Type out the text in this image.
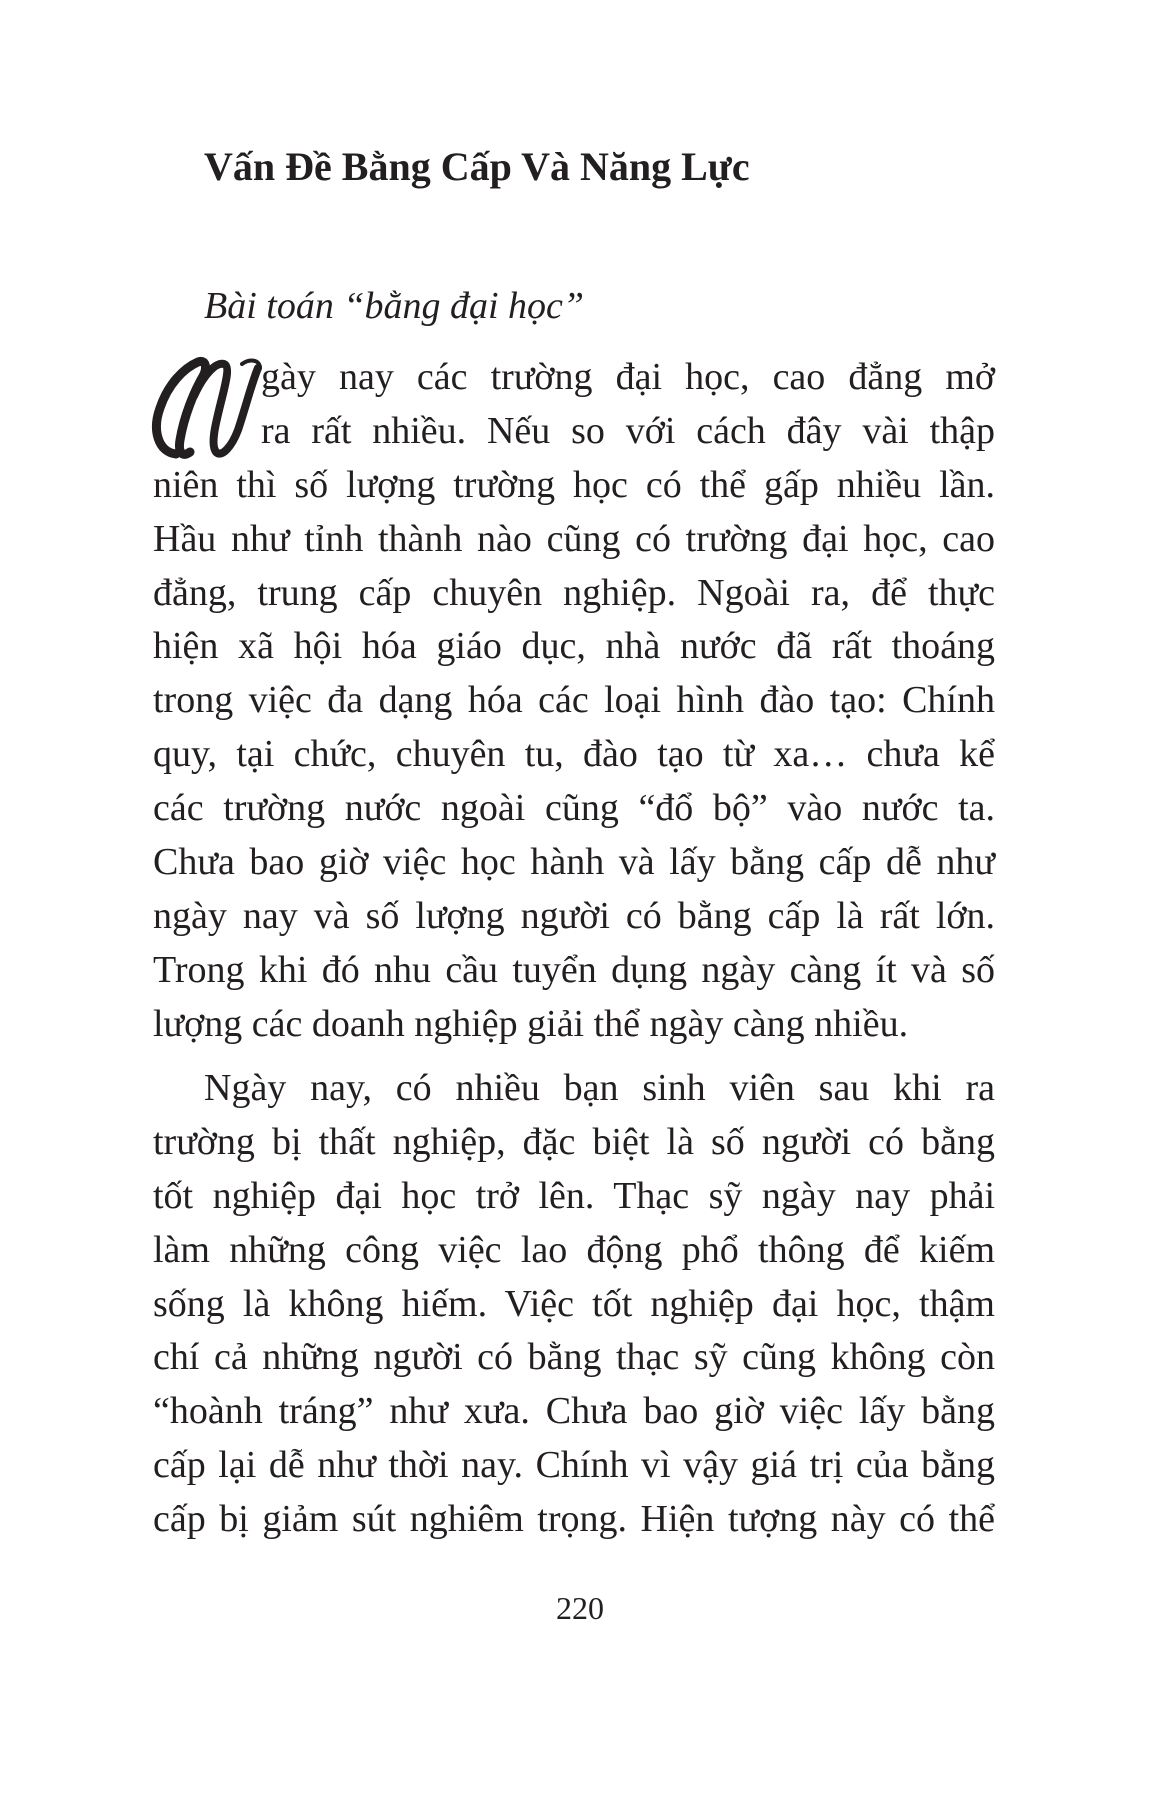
Vấn Đề Bằng Cấp Và Năng Lực
Bài toán “bằng đại học”
gày nay các trường đại học, cao đẳng mở
ra rất nhiều. Nếu so với cách đây vài thập
niên thì số lượng trường học có thể gấp nhiều lần.
Hầu như tỉnh thành nào cũng có trường đại học, cao
đẳng, trung cấp chuyên nghiệp. Ngoài ra, để thực
hiện xã hội hóa giáo dục, nhà nước đã rất thoáng
trong việc đa dạng hóa các loại hình đào tạo: Chính
quy, tại chức, chuyên tu, đào tạo từ xa… chưa kể
các trường nước ngoài cũng “đổ bộ” vào nước ta.
Chưa bao giờ việc học hành và lấy bằng cấp dễ như
ngày nay và số lượng người có bằng cấp là rất lớn.
Trong khi đó nhu cầu tuyển dụng ngày càng ít và số
lượng các doanh nghiệp giải thể ngày càng nhiều.
Ngày nay, có nhiều bạn sinh viên sau khi ra
trường bị thất nghiệp, đặc biệt là số người có bằng
tốt nghiệp đại học trở lên. Thạc sỹ ngày nay phải
làm những công việc lao động phổ thông để kiếm
sống là không hiếm. Việc tốt nghiệp đại học, thậm
chí cả những người có bằng thạc sỹ cũng không còn
“hoành tráng” như xưa. Chưa bao giờ việc lấy bằng
cấp lại dễ như thời nay. Chính vì vậy giá trị của bằng
cấp bị giảm sút nghiêm trọng. Hiện tượng này có thể

220
